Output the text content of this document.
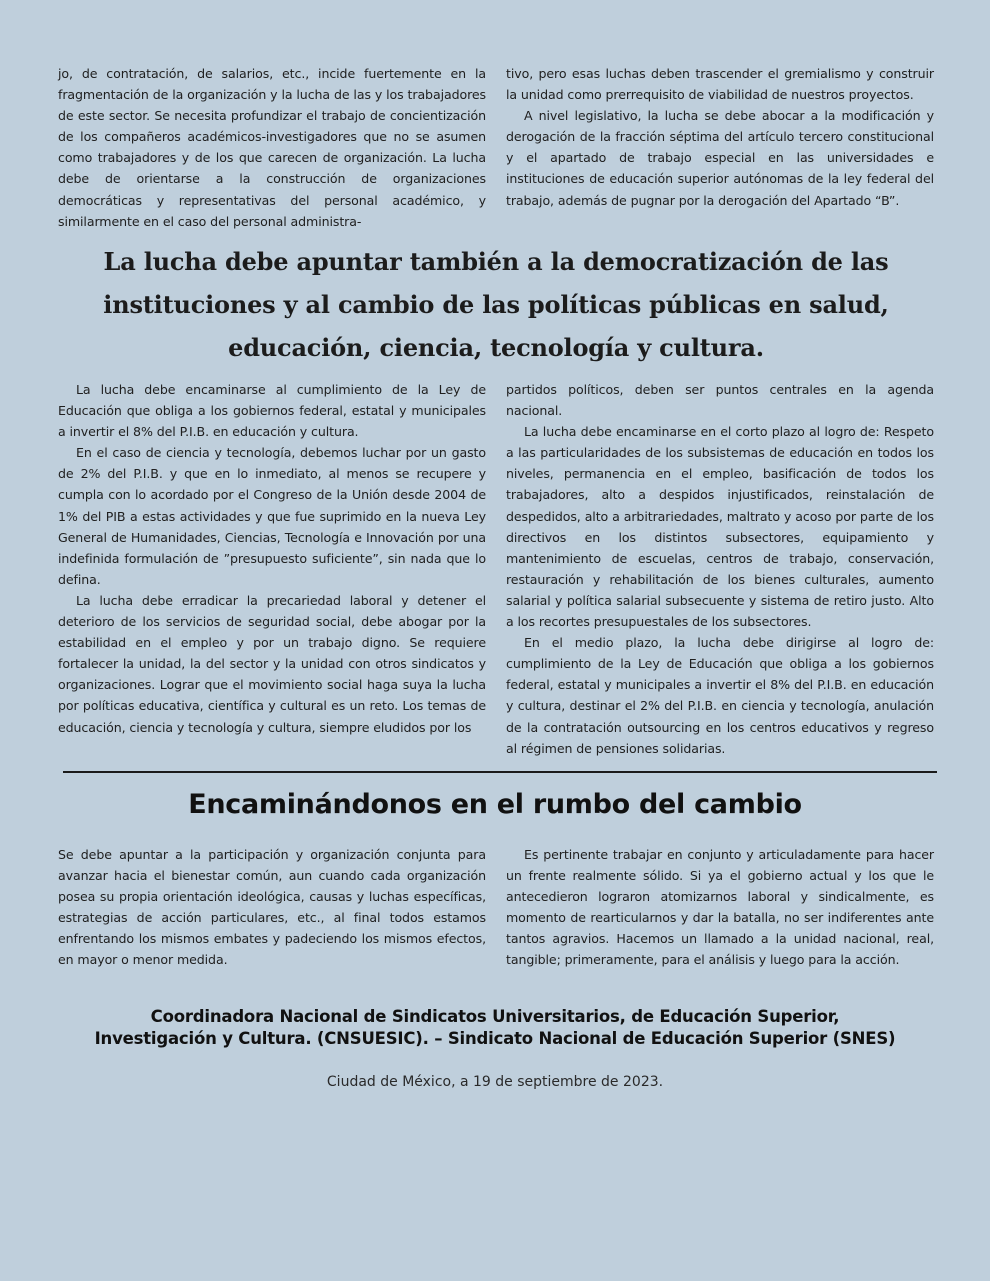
jo, de contratación, de salarios, etc., incide fuertemente en la fragmentación de la organización y la lucha de las y los trabajadores de este sector. Se necesita profundizar el trabajo de concientización de los compañeros académicos-investigadores que no se asumen como trabajadores y de los que carecen de organización. La lucha debe de orientarse a la construcción de organizaciones democráticas y representativas del personal académico, y similarmente en el caso del personal administra-

tivo, pero esas luchas deben trascender el gremialismo y construir la unidad como prerrequisito de viabilidad de nuestros proyectos.

A nivel legislativo, la lucha se debe abocar a la modificación y derogación de la fracción séptima del artículo tercero constitucional y el apartado de trabajo especial en las universidades e instituciones de educación superior autónomas de la ley federal del trabajo, además de pugnar por la derogación del Apartado “B”.

La lucha debe apuntar también a la democratización de las
instituciones y al cambio de las políticas públicas en salud,
educación, ciencia, tecnología y cultura.

La lucha debe encaminarse al cumplimiento de la Ley de Educación que obliga a los gobiernos federal, estatal y municipales a invertir el 8% del P.I.B. en educación y cultura.

En el caso de ciencia y tecnología, debemos luchar por un gasto de 2% del P.I.B. y que en lo inmediato, al menos se recupere y cumpla con lo acordado por el Congreso de la Unión desde 2004 de 1% del PIB a estas actividades y que fue suprimido en la nueva Ley General de Humanidades, Ciencias, Tecnología e Innovación por una indefinida formulación de ”presupuesto suficiente”, sin nada que lo defina.

La lucha debe erradicar la precariedad laboral y detener el deterioro de los servicios de seguridad social, debe abogar por la estabilidad en el empleo y por un trabajo digno. Se requiere fortalecer la unidad, la del sector y la unidad con otros sindicatos y organizaciones. Lograr que el movimiento social haga suya la lucha por políticas educativa, científica y cultural es un reto. Los temas de educación, ciencia y tecnología y cultura, siempre eludidos por los

partidos políticos, deben ser puntos centrales en la agenda nacional.

La lucha debe encaminarse en el corto plazo al logro de: Respeto a las particularidades de los subsistemas de educación en todos los niveles, permanencia en el empleo, basificación de todos los trabajadores, alto a despidos injustificados, reinstalación de despedidos, alto a arbitrariedades, maltrato y acoso por parte de los directivos en los distintos subsectores, equipamiento y mantenimiento de escuelas, centros de trabajo, conservación, restauración y rehabilitación de los bienes culturales, aumento salarial y política salarial subsecuente y sistema de retiro justo. Alto a los recortes presupuestales de los subsectores.

En el medio plazo, la lucha debe dirigirse al logro de: cumplimiento de la Ley de Educación que obliga a los gobiernos federal, estatal y municipales a invertir el 8% del P.I.B. en educación y cultura, destinar el 2% del P.I.B. en ciencia y tecnología, anulación de la contratación outsourcing en los centros educativos y regreso al régimen de pensiones solidarias.

Encaminándonos en el rumbo del cambio

Se debe apuntar a la participación y organización conjunta para avanzar hacia el bienestar común, aun cuando cada organización posea su propia orientación ideológica, causas y luchas específicas, estrategias de acción particulares, etc., al final todos estamos enfrentando los mismos embates y padeciendo los mismos efectos, en mayor o menor medida.

Es pertinente trabajar en conjunto y articuladamente para hacer un frente realmente sólido. Si ya el gobierno actual y los que le antecedieron lograron atomizarnos laboral y sindicalmente, es momento de rearticularnos y dar la batalla, no ser indiferentes ante tantos agravios. Hacemos un llamado a la unidad nacional, real, tangible; primeramente, para el análisis y luego para la acción.

Coordinadora Nacional de Sindicatos Universitarios, de Educación Superior,
Investigación y Cultura. (CNSUESIC). – Sindicato Nacional de Educación Superior (SNES)
Ciudad de México, a 19 de septiembre de 2023.
